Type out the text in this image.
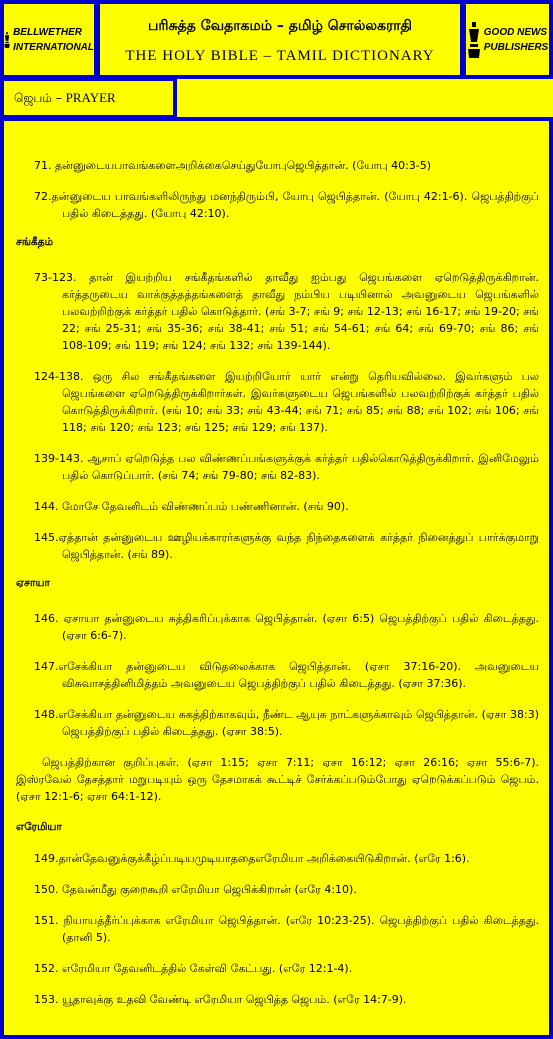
BELLWETHER
INTERNATIONAL
பரிசுத்த வேதாகமம் – தமிழ் சொல்லகராதி
THE HOLY BIBLE – TAMIL DICTIONARY
GOOD NEWS
PUBLISHERS
ஜெபம் – PRAYER
71. தன்னுடையபாவங்களைஅறிக்கைசெய்துயோபுஜெபித்தான். (யோபு 40:3-5)
72.தன்னுடைய பாவங்களிலிருந்து மனந்திரும்பி, யோபு ஜெபித்தான். (யோபு 42:1-6). ஜெபத்திற்குப் பதில் கிடைத்தது. (யோபு 42:10).
சங்கீதம்
73-123. தான் இயற்றிய சங்கீதங்களில் தாவீது ஐம்பது ஜெபங்களை ஏறெடுத்திருக்கிறான். கர்த்தருடைய வாக்குத்தத்தங்களைத் தாவீது நம்பிய படியினால் அவனுடைய ஜெபங்களில் பலவற்றிற்குக் கர்த்தர் பதில் கொடுத்தார். (சங் 3-7; சங் 9; சங் 12-13; சங் 16-17; சங் 19-20; சங் 22; சங் 25-31; சங் 35-36; சங் 38-41; சங் 51; சங் 54-61; சங் 64; சங் 69-70; சங் 86; சங் 108-109; சங் 119; சங் 124; சங் 132; சங் 139-144).
124-138. ஒரு சில சங்கீதங்களை இயற்றியோர் யார் என்று தெரியவில்லை. இவர்களும் பல ஜெபங்களை ஏறெடுத்திருக்கிறார்கள். இவர்களுடைய ஜெபங்களில் பலவற்றிற்குக் கர்த்தர் பதில் கொடுத்திருக்கிறார். (சங் 10; சங் 33; சங் 43-44; சங் 71; சங் 85; சங் 88; சங் 102; சங் 106; சங் 118; சங் 120; சங் 123; சங் 125; சங் 129; சங் 137).
139-143. ஆசாப் ஏறெடுத்த பல விண்ணப்பங்களுக்குக் கர்த்தர் பதில்கொடுத்திருக்கிறார். இனிமேலும் பதில் கொடுப்பார். (சங் 74; சங் 79-80; சங் 82-83).
144. மோசே தேவனிடம் விண்ணப்பம் பண்ணினான். (சங் 90).
145.ஏத்தான் தன்னுடைய ஊழியக்காரர்களுக்கு வந்த நிந்தைகளைக் கர்த்தர் நினைத்துப் பார்க்குமாறு ஜெபித்தான். (சங் 89).
ஏசாயா
146. ஏசாயா தன்னுடைய சுத்திகரிப்புக்காக ஜெபித்தான். (ஏசா 6:5) ஜெபத்திற்குப் பதில் கிடைத்தது. (ஏசா 6:6-7).
147.எசேக்கியா தன்னுடைய விடுதலைக்காக ஜெபித்தான். (ஏசா 37:16-20). அவனுடைய விசுவாசத்தினிமித்தம் அவனுடைய ஜெபத்திற்குப் பதில் கிடைத்தது. (ஏசா 37:36).
148.எசேக்கியா தன்னுடைய சுகத்திற்காகவும், நீண்ட ஆயுசு நாட்களுக்காவும் ஜெபித்தான். (ஏசா 38:3) ஜெபத்திற்குப் பதில் கிடைத்தது. (ஏசா 38:5).
ஜெபத்திற்கான குறிப்புகள். (ஏசா 1:15; ஏசா 7:11; ஏசா 16:12; ஏசா 26:16; ஏசா 55:6-7). இஸ்ரவேல் தேசத்தார் மறுபடியும் ஒரு தேசமாகக் கூட்டிச் சேர்க்கப்படும்போது ஏறெடுக்கப்படும் ஜெபம். (ஏசா 12:1-6; ஏசா 64:1-12).
எரேமியா
149.தான்தேவனுக்குக்கீழ்ப்படியமுடியாததைஎரேமியா அறிக்கையிடுகிறான். (எரே 1:6).
150. தேவன்மீது குறைகூறி எரேமியா ஜெபிக்கிறான் (எரே 4:10).
151. நியாயத்தீர்ப்புக்காக எரேமியா ஜெபித்தான். (எரே 10:23-25). ஜெபத்திற்குப் பதில் கிடைத்தது. (தானி 5).
152. எரேமியா தேவனிடத்தில் கேள்வி கேட்பது. (எரே 12:1-4).
153. யூதாவுக்கு உதவி வேண்டி எரேமியா ஜெபித்த ஜெபம். (எரே 14:7-9).
